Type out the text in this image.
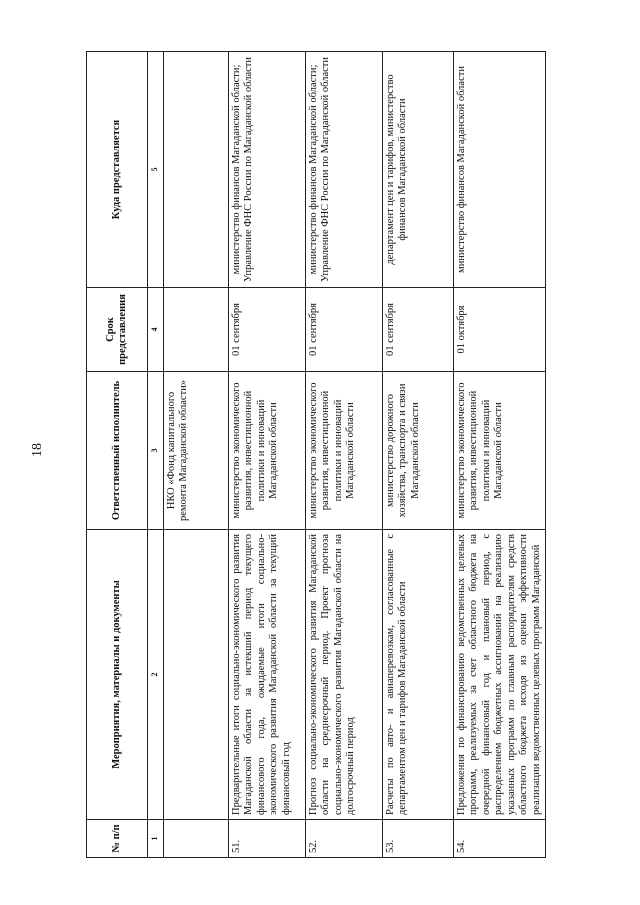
18
№ п/п	Мероприятия, материалы и документы	Ответственный исполнитель	Срок представления	Куда представляется
1	2	3	4	5
		НКО «Фонд капитального ремонта Магаданской области»		
51.	Предварительные итоги социально-экономического развития Магаданской области за истекший период текущего финансового года, ожидаемые итоги социально-экономического развития Магаданской области за текущий финансовый год	министерство экономического развития, инвестиционной политики и инноваций Магаданской области	01 сентября	министерство финансов Магаданской области; Управление ФНС России по Магаданской области
52.	Прогноз социально-экономического развития Магаданской области на среднесрочный период. Проект прогноза социально-экономического развития Магаданской области на долгосрочный период	министерство экономического развития, инвестиционной политики и инноваций Магаданской области	01 сентября	министерство финансов Магаданской области; Управление ФНС России по Магаданской области
53.	Расчеты по авто- и авиаперевозкам, согласованные с департаментом цен и тарифов Магаданской области	министерство дорожного хозяйства, транспорта и связи Магаданской области	01 сентября	департамент цен и тарифов, министерство финансов Магаданской области
54.	Предложения по финансированию ведомственных целевых программ, реализуемых за счет областного бюджета на очередной финансовый год и плановый период, с распределением бюджетных ассигнований на реализацию указанных программ по главным распорядителям средств областного бюджета исходя из оценки эффективности реализации ведомственных целевых программ Магаданской	министерство экономического развития, инвестиционной политики и инноваций Магаданской области	01 октября	министерство финансов Магаданской области
